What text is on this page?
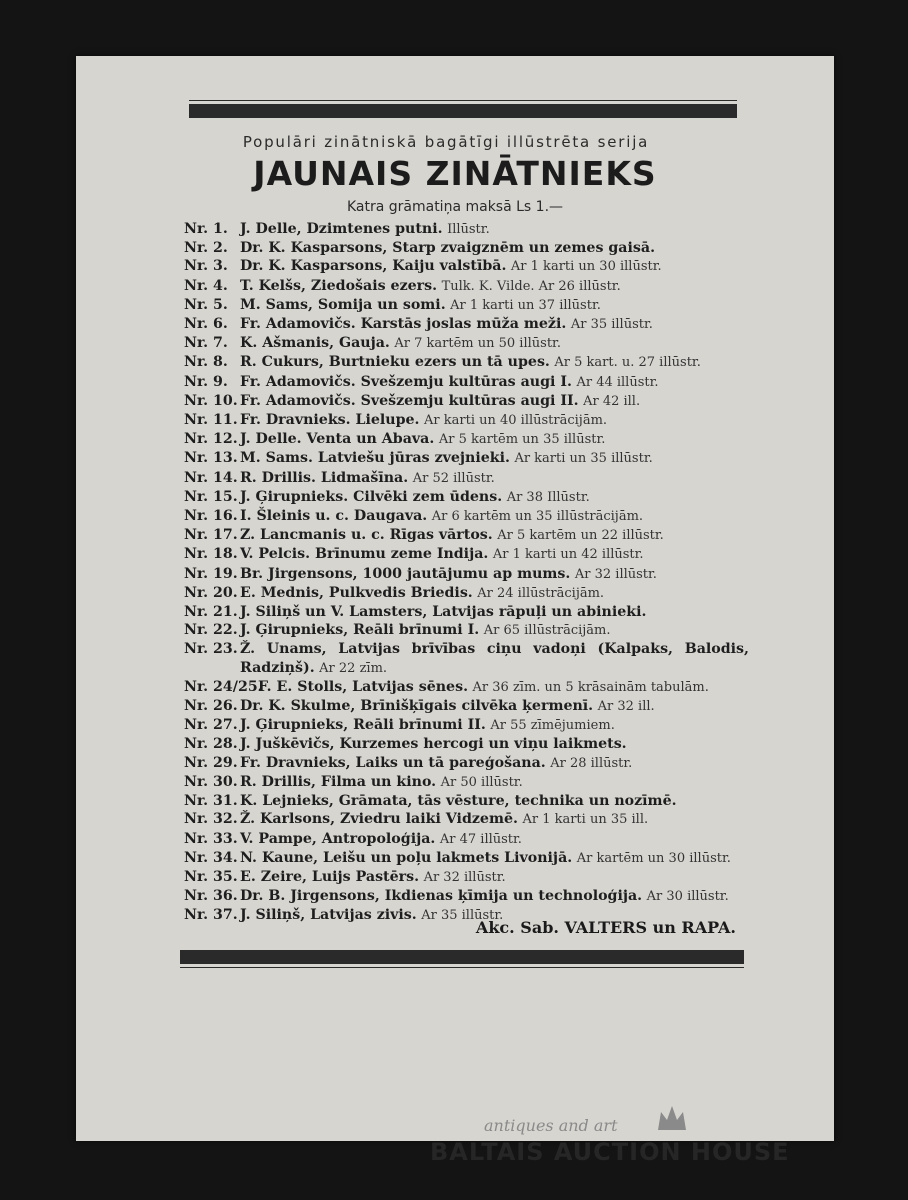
Populāri zinātniskā bagātīgi illūstrēta serija
JAUNAIS ZINĀTNIEKS
Katra grāmatiņa maksā Ls 1.—
Nr. 1. J. Delle, Dzimtenes putni. Illūstr.
Nr. 2. Dr. K. Kasparsons, Starp zvaigznēm un zemes gaisā.
Nr. 3. Dr. K. Kasparsons, Kaiju valstībā. Ar 1 karti un 30 illūstr.
Nr. 4. T. Kelšs, Ziedošais ezers. Tulk. K. Vilde. Ar 26 illūstr.
Nr. 5. M. Sams, Somija un somi. Ar 1 karti un 37 illūstr.
Nr. 6. Fr. Adamovičs. Karstās joslas mūža meži. Ar 35 illūstr.
Nr. 7. K. Ašmanis, Gauja. Ar 7 kartēm un 50 illūstr.
Nr. 8. R. Cukurs, Burtnieku ezers un tā upes. Ar 5 kart. u. 27 illūstr.
Nr. 9. Fr. Adamovičs. Svešzemju kultūras augi I. Ar 44 illūstr.
Nr. 10. Fr. Adamovičs. Svešzemju kultūras augi II. Ar 42 ill.
Nr. 11. Fr. Dravnieks. Lielupe. Ar karti un 40 illūstrācijām.
Nr. 12. J. Delle. Venta un Abava. Ar 5 kartēm un 35 illūstr.
Nr. 13. M. Sams. Latviešu jūras zvejnieki. Ar karti un 35 illūstr.
Nr. 14. R. Drillis. Lidmašīna. Ar 52 illūstr.
Nr. 15. J. Ģirupnieks. Cilvēki zem ūdens. Ar 38 Illūstr.
Nr. 16. I. Šleinis u. c. Daugava. Ar 6 kartēm un 35 illūstrācijām.
Nr. 17. Z. Lancmanis u. c. Rīgas vārtos. Ar 5 kartēm un 22 illūstr.
Nr. 18. V. Pelcis. Brīnumu zeme Indija. Ar 1 karti un 42 illūstr.
Nr. 19. Br. Jirgensons, 1000 jautājumu ap mums. Ar 32 illūstr.
Nr. 20. E. Mednis, Pulkvedis Briedis. Ar 24 illūstrācijām.
Nr. 21. J. Siliņš un V. Lamsters, Latvijas rāpuļi un abinieki.
Nr. 22. J. Ģirupnieks, Reāli brīnumi I. Ar 65 illūstrācijām.
Nr. 23. Ž. Unams, Latvijas brīvības ciņu vadoņi (Kalpaks, Balodis, Radziņš). Ar 22 zīm.
Nr. 24/25.
F. E. Stolls, Latvijas sēnes. Ar 36 zīm. un 5 krāsainām tabulām.
Nr. 26. Dr. K. Skulme, Brīnišķīgais cilvēka ķermenī. Ar 32 ill.
Nr. 27. J. Ģirupnieks, Reāli brīnumi II. Ar 55 zīmējumiem.
Nr. 28. J. Juškēvičs, Kurzemes hercogi un viņu laikmets.
Nr. 29. Fr. Dravnieks, Laiks un tā pareģošana. Ar 28 illūstr.
Nr. 30. R. Drillis, Filma un kino. Ar 50 illūstr.
Nr. 31. K. Lejnieks, Grāmata, tās vēsture, technika un nozīmē.
Nr. 32. Ž. Karlsons, Zviedru laiki Vidzemē. Ar 1 karti un 35 ill.
Nr. 33. V. Pampe, Antropoloģija. Ar 47 illūstr.
Nr. 34. N. Kaune, Leišu un poļu lakmets Livonijā. Ar kartēm un 30 illūstr.
Nr. 35. E. Zeire, Luijs Pastērs. Ar 32 illūstr.
Nr. 36. Dr. B. Jirgensons, Ikdienas ķīmija un technoloģija. Ar 30 illūstr.
Nr. 37. J. Siliņš, Latvijas zivis. Ar 35 illūstr.
Akc. Sab. VALTERS un RAPA.
antiques and art
BALTAIS AUCTION HOUSE
